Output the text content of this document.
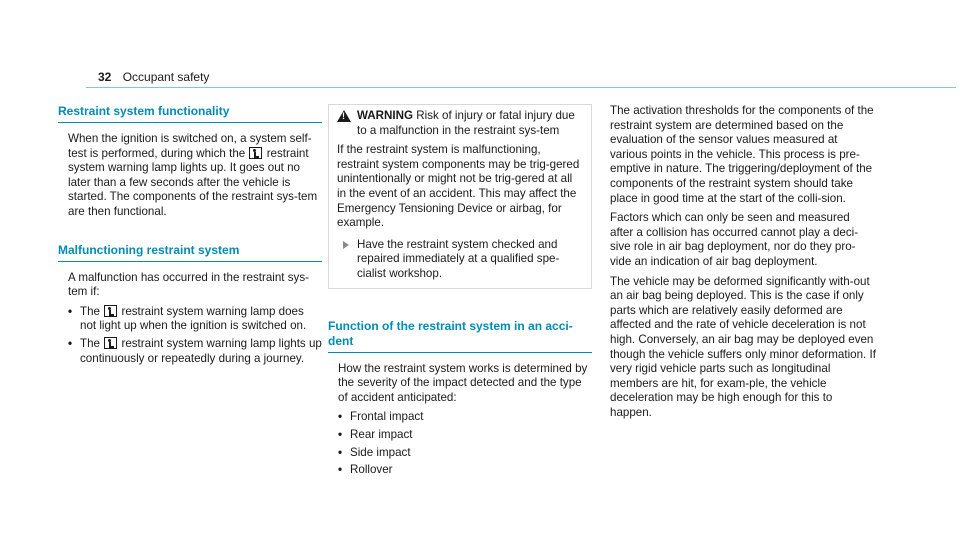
32 Occupant safety
Restraint system functionality

When the ignition is switched on, a system self-test is performed, during which the restraint system warning lamp lights up. It goes out no later than a few seconds after the vehicle is started. The components of the restraint sys-tem are then functional.

Malfunctioning restraint system

A malfunction has occurred in the restraint sys-tem if:

• The restraint system warning lamp does not light up when the ignition is switched on.
• The restraint system warning lamp lights up continuously or repeatedly during a journey.
!
WARNING Risk of injury or fatal injury due to a malfunction in the restraint sys-tem

If the restraint system is malfunctioning, restraint system components may be trig-gered unintentionally or might not be trig-gered at all in the event of an accident. This may affect the Emergency Tensioning Device or airbag, for example.

Have the restraint system checked and repaired immediately at a qualified spe-cialist workshop.
Function of the restraint system in an acci-dent

How the restraint system works is determined by the severity of the impact detected and the type of accident anticipated:

• Frontal impact
• Rear impact
• Side impact
• Rollover

The activation thresholds for the components of the restraint system are determined based on the evaluation of the sensor values measured at various points in the vehicle. This process is pre-emptive in nature. The triggering/deployment of the components of the restraint system should take place in good time at the start of the colli-sion.

Factors which can only be seen and measured after a collision has occurred cannot play a deci-sive role in air bag deployment, nor do they pro-vide an indication of air bag deployment.

The vehicle may be deformed significantly with-out an air bag being deployed. This is the case if only parts which are relatively easily deformed are affected and the rate of vehicle deceleration is not high. Conversely, an air bag may be deployed even though the vehicle suffers only minor deformation. If very rigid vehicle parts such as longitudinal members are hit, for exam-ple, the vehicle deceleration may be high enough for this to happen.
